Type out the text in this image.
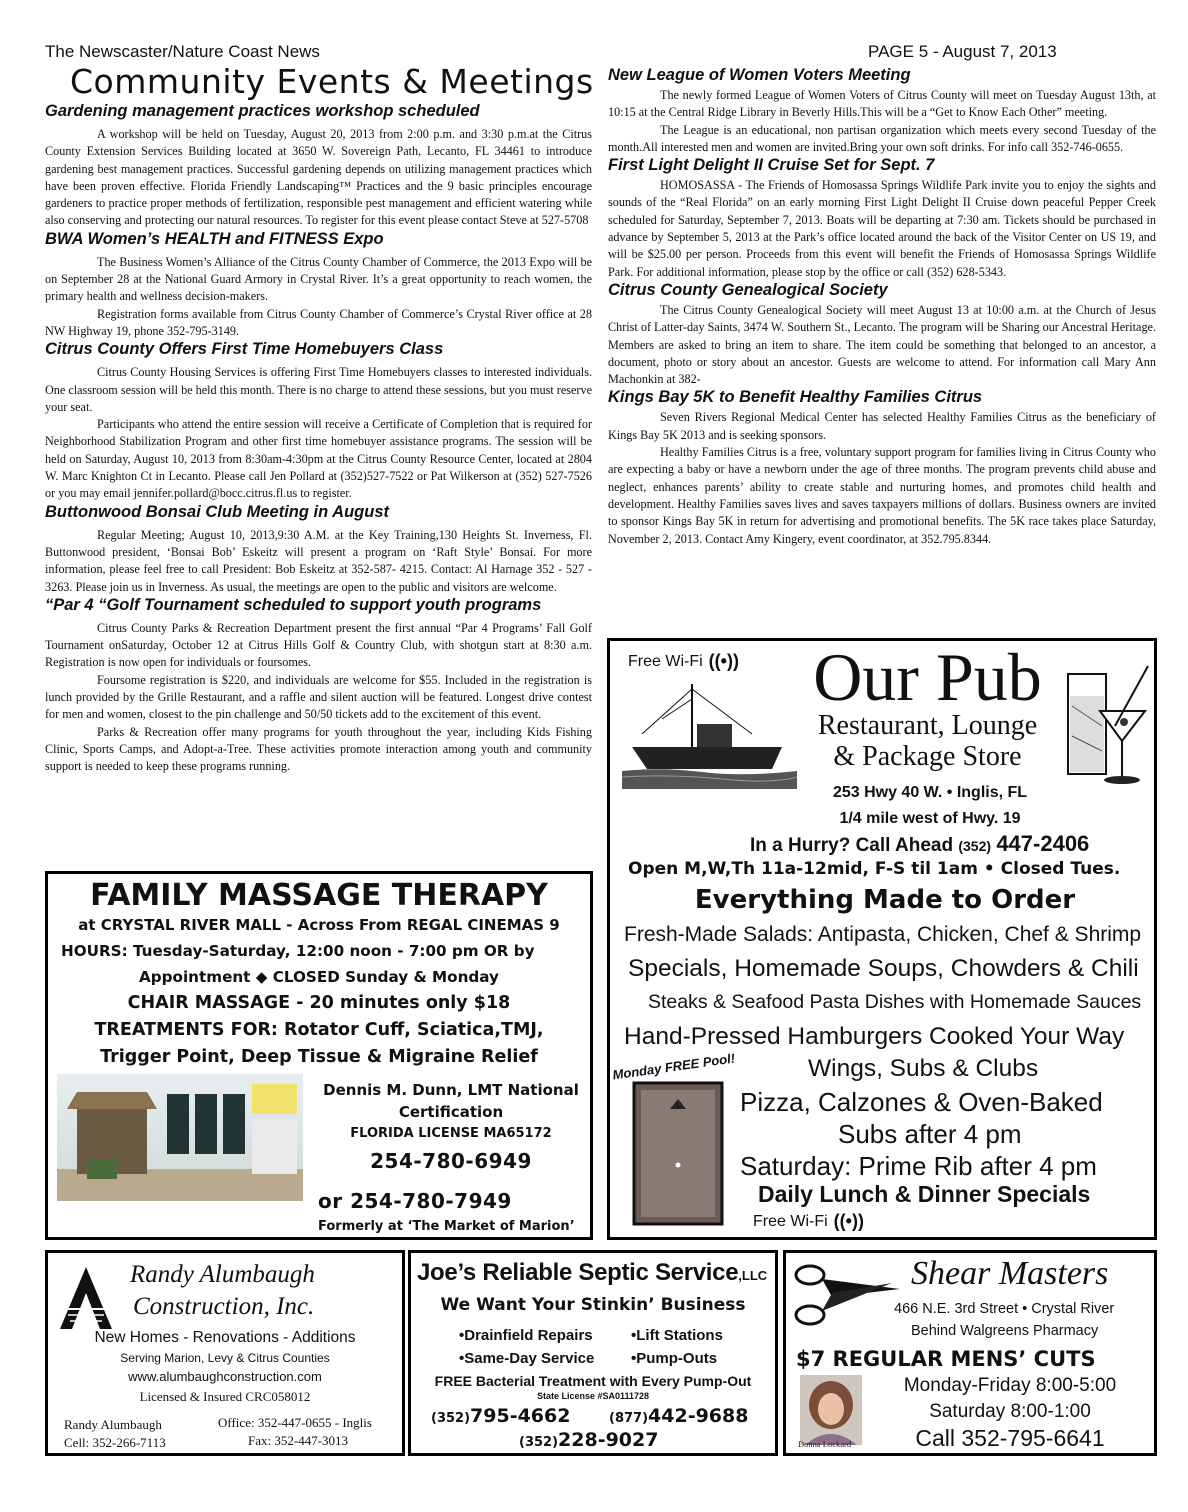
The Newscaster/Nature Coast News	PAGE 5 - August 7, 2013
Community Events & Meetings
Gardening management practices workshop scheduled

A workshop will be held on Tuesday, August 20, 2013 from 2:00 p.m. and 3:30 p.m.at the Citrus County Extension Services Building located at 3650 W. Sovereign Path, Lecanto, FL 34461 to introduce gardening best management practices. Successful gardening depends on utilizing management practices which have been proven effective. Florida Friendly Landscaping™ Practices and the 9 basic principles encourage gardeners to practice proper methods of fertilization, responsible pest management and efficient watering while also conserving and protecting our natural resources. To register for this event please contact Steve at 527-5708

BWA Women’s HEALTH and FITNESS Expo

The Business Women’s Alliance of the Citrus County Chamber of Commerce, the 2013 Expo will be on September 28 at the National Guard Armory in Crystal River. It’s a great opportunity to reach women, the primary health and wellness decision-makers.

Registration forms available from Citrus County Chamber of Commerce’s Crystal River office at 28 NW Highway 19, phone 352-795-3149.

Citrus County Offers First Time Homebuyers Class

Citrus County Housing Services is offering First Time Homebuyers classes to interested individuals. One classroom session will be held this month. There is no charge to attend these sessions, but you must reserve your seat.

Participants who attend the entire session will receive a Certificate of Completion that is required for Neighborhood Stabilization Program and other first time homebuyer assistance programs. The session will be held on Saturday, August 10, 2013 from 8:30am-4:30pm at the Citrus County Resource Center, located at 2804 W. Marc Knighton Ct in Lecanto. Please call Jen Pollard at (352)527-7522 or Pat Wilkerson at (352) 527-7526 or you may email jennifer.pollard@bocc.citrus.fl.us to register.

Buttonwood Bonsai Club Meeting in August

Regular Meeting; August 10, 2013,9:30 A.M. at the Key Training,130 Heights St. Inverness, Fl. Buttonwood president, ‘Bonsai Bob’ Eskeitz will present a program on ‘Raft Style’ Bonsai. For more information, please feel free to call President: Bob Eskeitz at 352-587- 4215. Contact: Al Harnage 352 - 527 - 3263. Please join us in Inverness. As usual, the meetings are open to the public and visitors are welcome.

“Par 4 “Golf Tournament scheduled to support youth programs

Citrus County Parks & Recreation Department present the first annual “Par 4 Programs’ Fall Golf Tournament onSaturday, October 12 at Citrus Hills Golf & Country Club, with shotgun start at 8:30 a.m. Registration is now open for individuals or foursomes.

Foursome registration is $220, and individuals are welcome for $55. Included in the registration is lunch provided by the Grille Restaurant, and a raffle and silent auction will be featured. Longest drive contest for men and women, closest to the pin challenge and 50/50 tickets add to the excitement of this event.

Parks & Recreation offer many programs for youth throughout the year, including Kids Fishing Clinic, Sports Camps, and Adopt-a-Tree. These activities promote interaction among youth and community support is needed to keep these programs running.

New League of Women Voters Meeting

The newly formed League of Women Voters of Citrus County will meet on Tuesday August 13th, at 10:15 at the Central Ridge Library in Beverly Hills.This will be a “Get to Know Each Other” meeting.

The League is an educational, non partisan organization which meets every second Tuesday of the month.All interested men and women are invited.Bring your own soft drinks. For info call 352-746-0655.

First Light Delight II Cruise Set for Sept. 7

HOMOSASSA - The Friends of Homosassa Springs Wildlife Park invite you to enjoy the sights and sounds of the “Real Florida” on an early morning First Light Delight II Cruise down peaceful Pepper Creek scheduled for Saturday, September 7, 2013. Boats will be departing at 7:30 am. Tickets should be purchased in advance by September 5, 2013 at the Park’s office located around the back of the Visitor Center on US 19, and will be $25.00 per person. Proceeds from this event will benefit the Friends of Homosassa Springs Wildlife Park. For additional information, please stop by the office or call (352) 628-5343.

Citrus County Genealogical Society

The Citrus County Genealogical Society will meet August 13 at 10:00 a.m. at the Church of Jesus Christ of Latter-day Saints, 3474 W. Southern St., Lecanto. The program will be Sharing our Ancestral Heritage. Members are asked to bring an item to share. The item could be something that belonged to an ancestor, a document, photo or story about an ancestor. Guests are welcome to attend. For information call Mary Ann Machonkin at 382-

Kings Bay 5K to Benefit Healthy Families Citrus

Seven Rivers Regional Medical Center has selected Healthy Families Citrus as the beneficiary of Kings Bay 5K 2013 and is seeking sponsors.

Healthy Families Citrus is a free, voluntary support program for families living in Citrus County who are expecting a baby or have a newborn under the age of three months. The program prevents child abuse and neglect, enhances parents’ ability to create stable and nurturing homes, and promotes child health and development. Healthy Families saves lives and saves taxpayers millions of dollars. Business owners are invited to sponsor Kings Bay 5K in return for advertising and promotional benefits. The 5K race takes place Saturday, November 2, 2013. Contact Amy Kingery, event coordinator, at 352.795.8344.

FAMILY MASSAGE THERAPY
at CRYSTAL RIVER MALL - Across From REGAL CINEMAS 9
HOURS: Tuesday-Saturday, 12:00 noon - 7:00 pm OR by
Appointment ◆ CLOSED Sunday & Monday
CHAIR MASSAGE - 20 minutes only $18
TREATMENTS FOR: Rotator Cuff, Sciatica,TMJ,
Trigger Point, Deep Tissue & Migraine Relief
Dennis M. Dunn, LMT National
Certification
FLORIDA LICENSE MA65172
254-780-6949
or 254-780-7949
Formerly at ‘The Market of Marion’
Free Wi-Fi ((•)) Our Pub
Restaurant, Lounge
& Package Store
253 Hwy 40 W. • Inglis, FL
1/4 mile west of Hwy. 19
In a Hurry? Call Ahead (352) 447-2406
Open M,W,Th 11a-12mid, F-S til 1am • Closed Tues.
Everything Made to Order
Fresh-Made Salads: Antipasta, Chicken, Chef & Shrimp
Specials, Homemade Soups, Chowders & Chili
Steaks & Seafood Pasta Dishes with Homemade Sauces
Hand-Pressed Hamburgers Cooked Your Way
Monday FREE Pool!	Wings, Subs & Clubs
Pizza, Calzones & Oven-Baked
Subs after 4 pm
Saturday: Prime Rib after 4 pm
Daily Lunch & Dinner Specials
Free Wi-Fi ((•))
Randy Alumbaugh
Construction, Inc.
New Homes - Renovations - Additions
Serving Marion, Levy & Citrus Counties
www.alumbaughconstruction.com
Licensed & Insured CRC058012
Randy Alumbaugh
Cell: 352-266-7113
Office: 352-447-0655 - Inglis
Fax: 352-447-3013
Joe’s Reliable Septic Service,LLC
We Want Your Stinkin’ Business
•Drainfield Repairs	•Lift Stations
•Same-Day Service •Pump-Outs
FREE Bacterial Treatment with Every Pump-Out
State License #SA0111728
(352)795-4662	(877)442-9688
(352)228-9027
Shear Masters
466 N.E. 3rd Street • Crystal River
Behind Walgreens Pharmacy
$7 REGULAR MENS’ CUTS
Donna Lockard
Monday-Friday 8:00-5:00
Saturday 8:00-1:00
Call 352-795-6641
